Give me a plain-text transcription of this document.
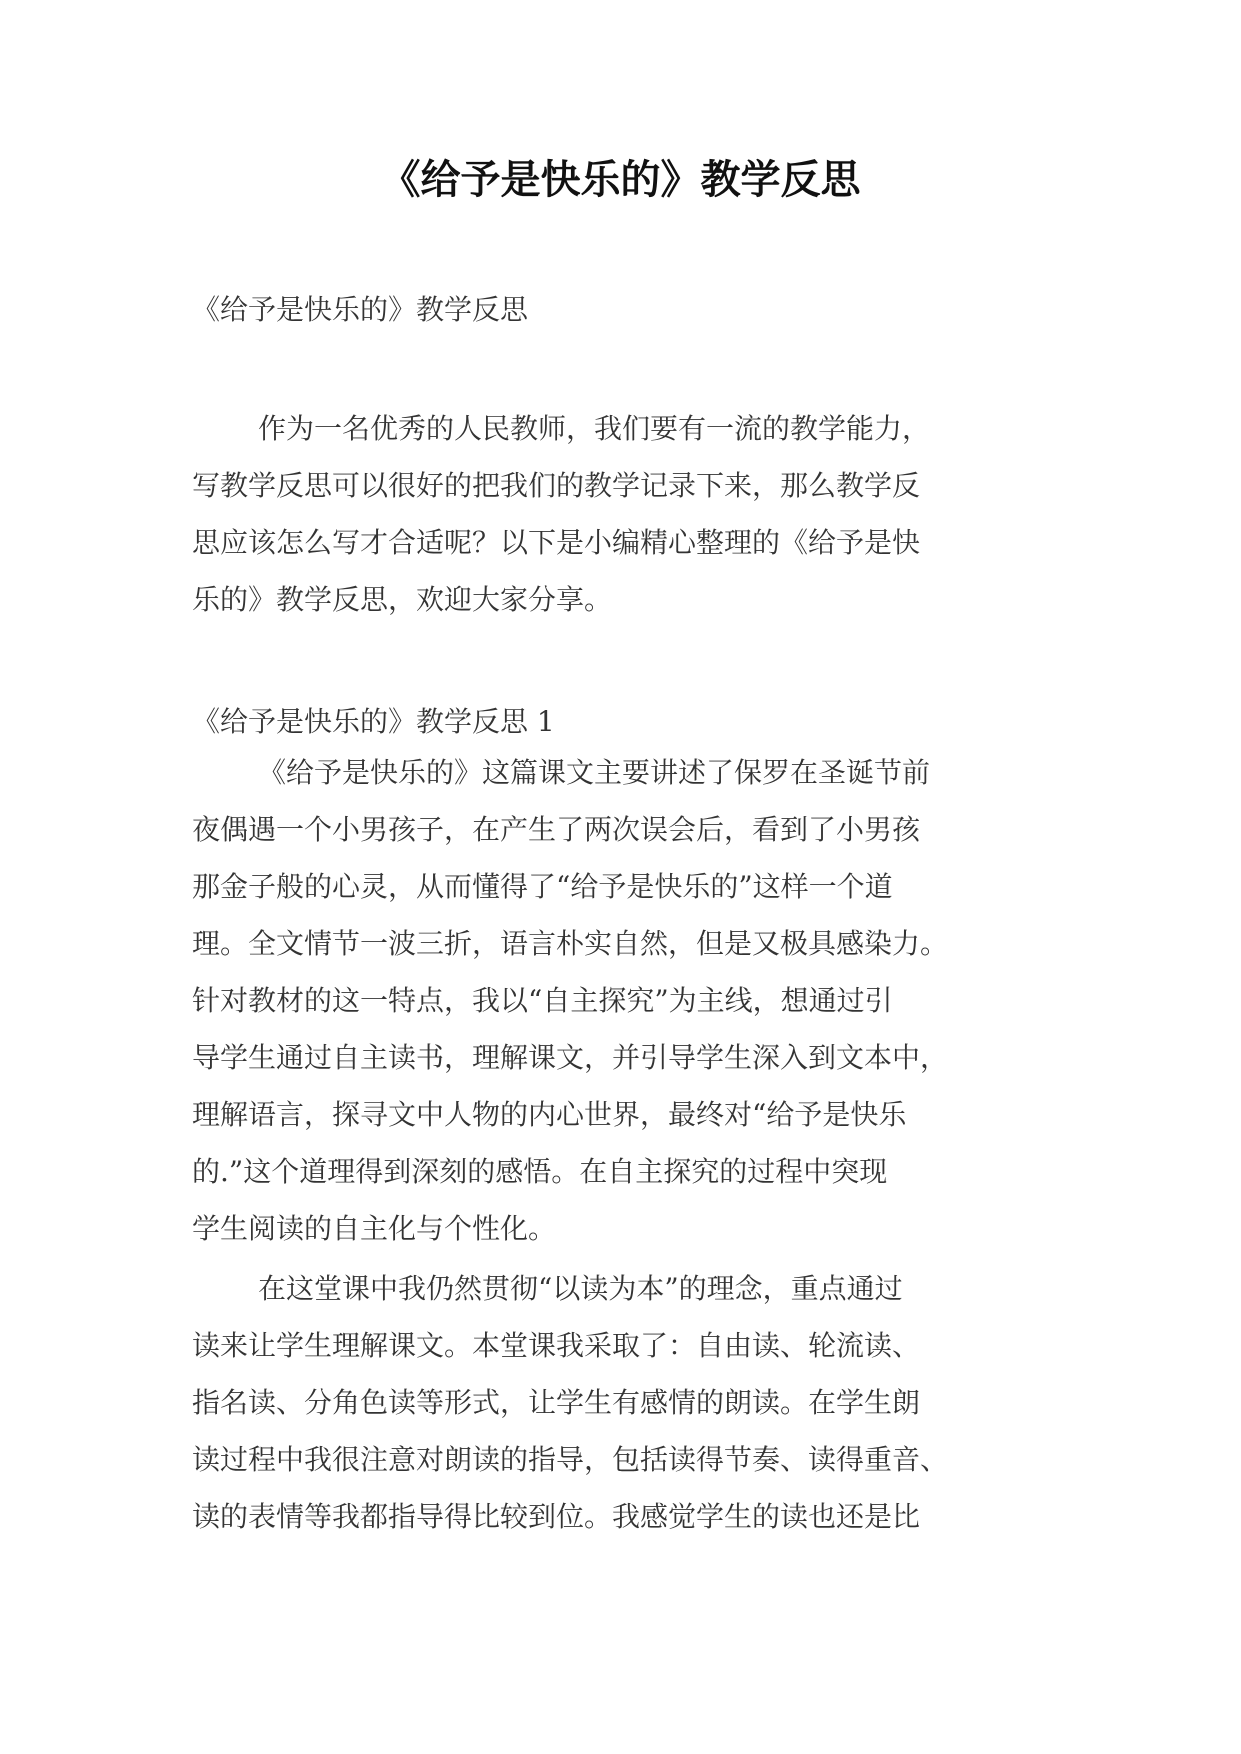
《给予是快乐的》教学反思

《给予是快乐的》教学反思

作为一名优秀的人民教师，我们要有一流的教学能力，
写教学反思可以很好的把我们的教学记录下来，那么教学反
思应该怎么写才合适呢？以下是小编精心整理的《给予是快
乐的》教学反思，欢迎大家分享。

《给予是快乐的》教学反思 1

《给予是快乐的》这篇课文主要讲述了保罗在圣诞节前
夜偶遇一个小男孩子，在产生了两次误会后，看到了小男孩
那金子般的心灵，从而懂得了“给予是快乐的”这样一个道
理。全文情节一波三折，语言朴实自然，但是又极具感染力。
针对教材的这一特点，我以“自主探究”为主线，想通过引
导学生通过自主读书，理解课文，并引导学生深入到文本中，
理解语言，探寻文中人物的内心世界，最终对“给予是快乐
的.”这个道理得到深刻的感悟。在自主探究的过程中突现
学生阅读的自主化与个性化。
在这堂课中我仍然贯彻“以读为本”的理念，重点通过
读来让学生理解课文。本堂课我采取了：自由读、轮流读、
指名读、分角色读等形式，让学生有感情的朗读。在学生朗
读过程中我很注意对朗读的指导，包括读得节奏、读得重音、
读的表情等我都指导得比较到位。我感觉学生的读也还是比
